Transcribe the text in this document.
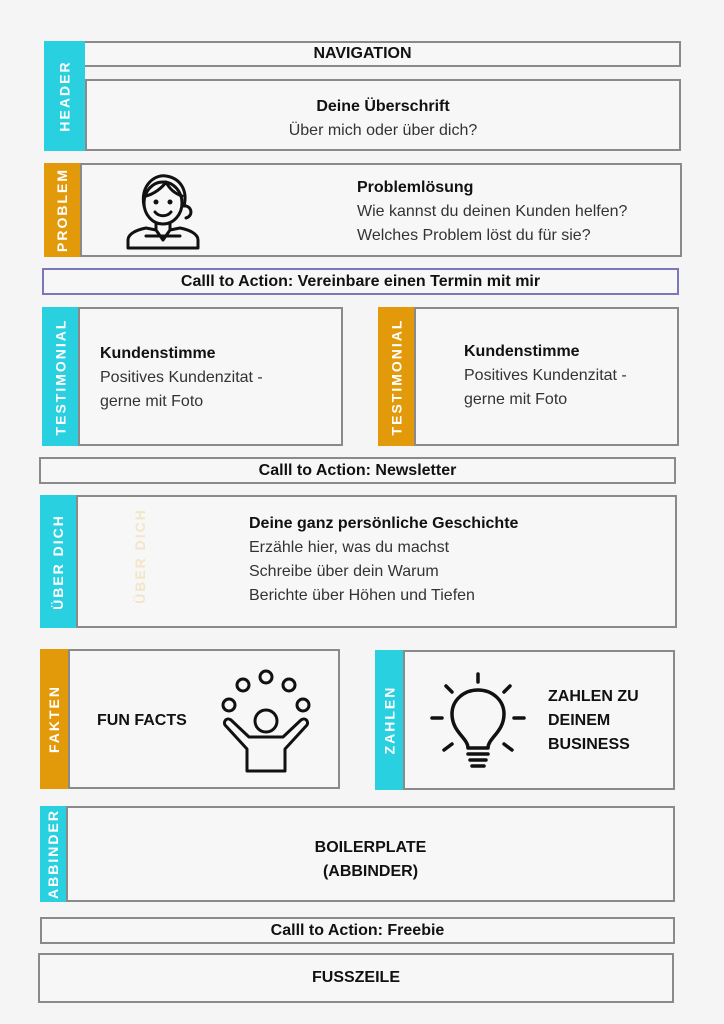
NAVIGATION
HEADER	Deine Überschrift
Über mich oder über dich?
PROBLEM	Problemlösung
Wie kannst du deinen Kunden helfen?
Welches Problem löst du für sie?
Calll to Action: Vereinbare einen Termin mit mir
TESTIMONIAL Kundenstimme
Positives Kundenzitat -
gerne mit Foto	TESTIMONIAL	Kundenstimme
Positives Kundenzitat -
gerne mit Foto
Calll to Action: Newsletter
ÜBER DICH	ÜBER DICH	Deine ganz persönliche Geschichte
Erzähle hier, was du machst
Schreibe über dein Warum
Berichte über Höhen und Tiefen
FAKTEN FUN FACTS	ZAHLEN	ZAHLEN ZU
DEINEM
BUSINESS
ABBINDER	BOILERPLATE
(ABBINDER)
Calll to Action: Freebie
FUSSZEILE
